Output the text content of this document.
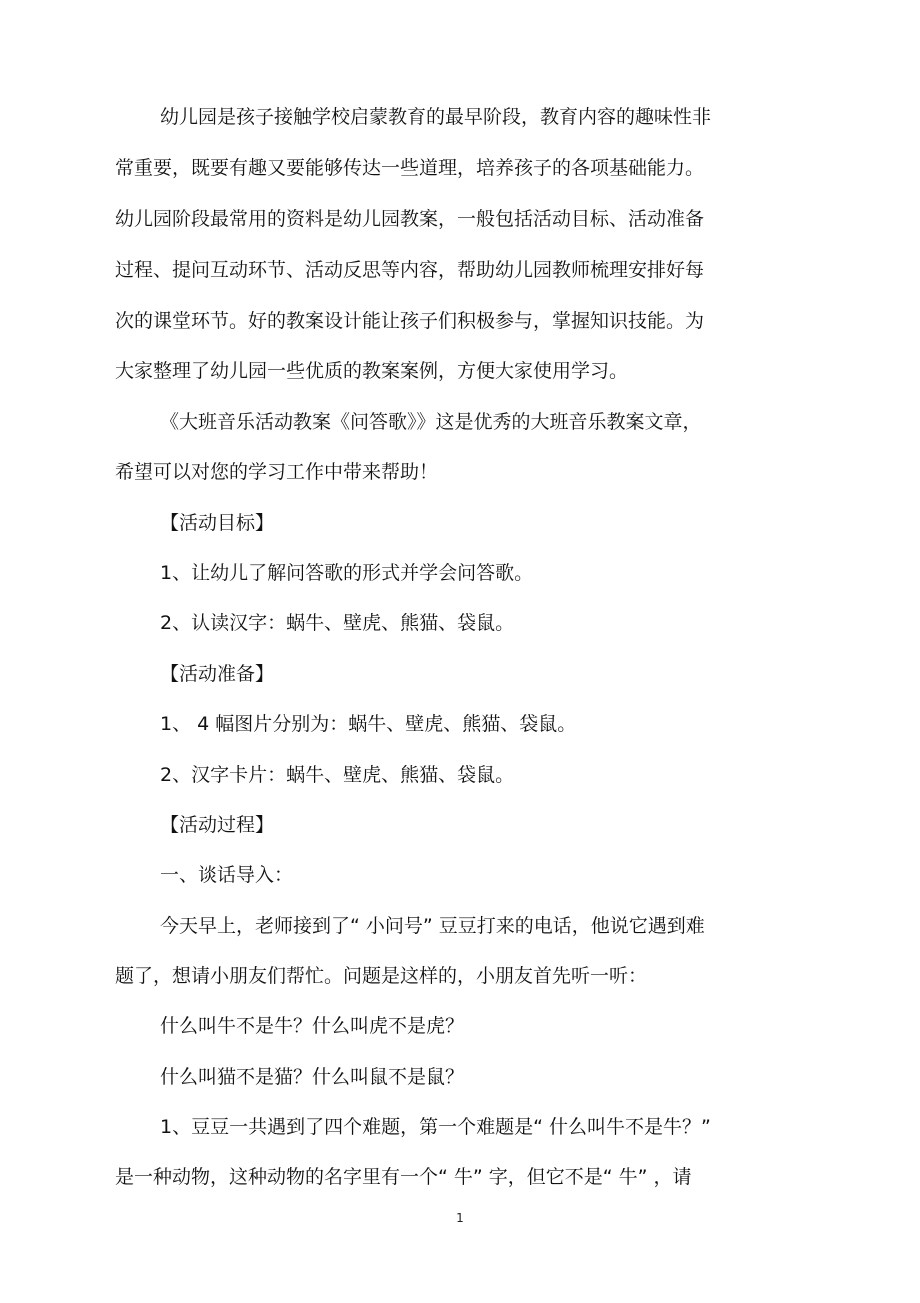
幼儿园是孩子接触学校启蒙教育的最早阶段，教育内容的趣味性非
常重要，既要有趣又要能够传达一些道理，培养孩子的各项基础能力。
幼儿园阶段最常用的资料是幼儿园教案，一般包括活动目标、活动准备
过程、提问互动环节、活动反思等内容，帮助幼儿园教师梳理安排好每
次的课堂环节。好的教案设计能让孩子们积极参与，掌握知识技能。为
大家整理了幼儿园一些优质的教案案例，方便大家使用学习。
《大班音乐活动教案《问答歌》》这是优秀的大班音乐教案文章，
希望可以对您的学习工作中带来帮助！
【活动目标】
1、让幼儿了解问答歌的形式并学会问答歌。
2、认读汉字：蜗牛、壁虎、熊猫、袋鼠。
【活动准备】
1、 4 幅图片分别为：蜗牛、壁虎、熊猫、袋鼠。
2、汉字卡片：蜗牛、壁虎、熊猫、袋鼠。
【活动过程】
一、谈话导入：
今天早上，老师接到了“ 小问号” 豆豆打来的电话，他说它遇到难
题了，想请小朋友们帮忙。问题是这样的，小朋友首先听一听：
什么叫牛不是牛？什么叫虎不是虎？
什么叫猫不是猫？什么叫鼠不是鼠？
1、豆豆一共遇到了四个难题，第一个难题是“ 什么叫牛不是牛？”
是一种动物，这种动物的名字里有一个“ 牛” 字，但它不是“ 牛” ，请
1
